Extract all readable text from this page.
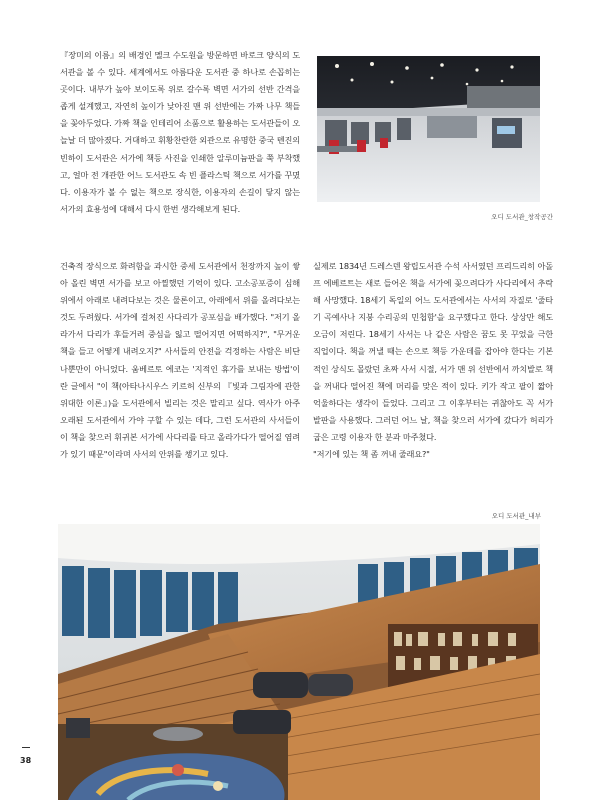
『장미의 이름』의 배경인 멜크 수도원을 방문하면 바로크 양식의 도서관을 볼 수 있다. 세계에서도 아름다운 도서관 중 하나로 손꼽히는 곳이다. 내부가 높아 보이도록 위로 갈수록 벽면 서가의 선반 간격을 좁게 설계했고, 자연히 높이가 낮아진 맨 위 선반에는 가짜 나무 책들을 꽂아두었다. 가짜 책을 인테리어 소품으로 활용하는 도서관들이 오늘날 더 많아졌다. 거대하고 휘황찬란한 외관으로 유명한 중국 톈진의 빈하이 도서관은 서가에 책등 사진을 인쇄한 알루미늄판을 쭉 부착했고, 얼마 전 개관한 어느 도서관도 속 빈 플라스틱 책으로 서가를 꾸몄다. 이용자가 볼 수 없는 책으로 장식한, 이용자의 손길이 닿지 않는 서가의 효용성에 대해서 다시 한번 생각해보게 된다.

오디 도서관_창작공간

건축적 장식으로 화려함을 과시한 중세 도서관에서 천장까지 높이 쌓아 올린 벽면 서가를 보고 아찔했던 기억이 있다. 고소공포증이 심해 위에서 아래로 내려다보는 것은 물론이고, 아래에서 위를 올려다보는 것도 두려웠다. 서가에 걸쳐진 사다리가 공포심을 배가했다. "저기 올라가서 다리가 후들거려 중심을 잃고 떨어지면 어떡하지?", "무거운 책을 들고 어떻게 내려오지?" 사서들의 안전을 걱정하는 사람은 비단 나뿐만이 아니었다. 움베르토 에코는 '지적인 휴가를 보내는 방법'이란 글에서 "이 책(아타나시우스 키르허 신부의 『빛과 그림자에 관한 위대한 이론』)을 도서관에서 빌리는 것은 말리고 싶다. 역사가 아주 오래된 도서관에서 가야 구할 수 있는 데다, 그런 도서관의 사서들이 이 책을 찾으러 휘귀본 서가에 사다리를 타고 올라가다가 떨어질 염려가 있기 때문"이라며 사서의 안위를 챙기고 있다.

실제로 1834년 드레스덴 왕립도서관 수석 사서였던 프리드리히 아돌프 에베르트는 새로 들어온 책을 서가에 꽂으려다가 사다리에서 추락해 사망했다. 18세기 독일의 어느 도서관에서는 사서의 자질로 '줄타기 곡예사나 지붕 수리공의 민첩함'을 요구했다고 한다. 상상만 해도 오금이 저린다. 18세기 사서는 나 같은 사람은 꿈도 못 꾸었을 극한 직업이다. 책을 꺼낼 때는 손으로 책등 가운데를 잡아야 한다는 기본적인 상식도 몰랐던 초짜 사서 시절, 서가 맨 위 선반에서 까치발로 책을 꺼내다 떨어진 책에 머리를 맞은 적이 있다. 키가 작고 팔이 짧아 억울하다는 생각이 들었다. 그리고 그 이후부터는 귀찮아도 꼭 서가 발판을 사용했다. 그러던 어느 날, 책을 찾으러 서가에 갔다가 허리가 굽은 고령 이용자 한 분과 마주쳤다.
"저기에 있는 책 좀 꺼내 줄래요?"
오디 도서관_내부
38
